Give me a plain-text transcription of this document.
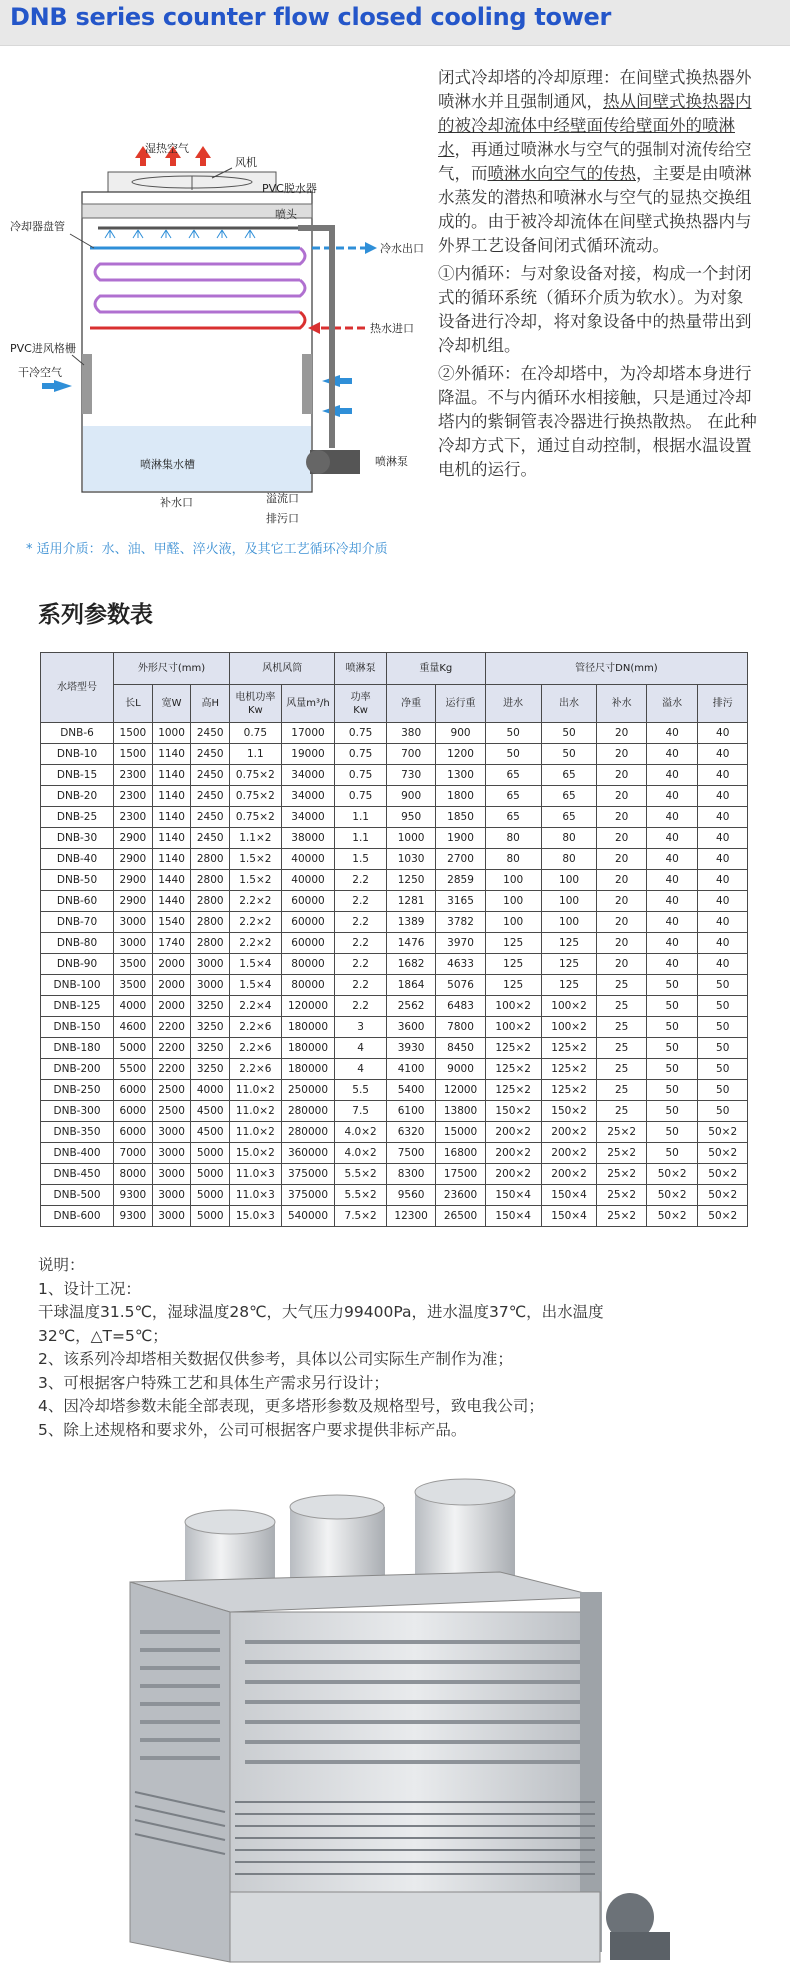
DNB series counter flow closed cooling tower
湿热空气
风机
PVC脱水器
喷头
冷水出口
热水进口
冷却器盘管
PVC进风格栅
干冷空气
喷淋集水槽	喷淋泵
补水口	溢流口
排污口
* 适用介质：水、油、甲醛、淬火液，及其它工艺循环冷却介质

闭式冷却塔的冷却原理：在间壁式换热器外喷淋水并且强制通风，热从间壁式换热器内的被冷却流体中经壁面传给壁面外的喷淋水，再通过喷淋水与空气的强制对流传给空气，而喷淋水向空气的传热，主要是由喷淋水蒸发的潜热和喷淋水与空气的显热交换组成的。由于被冷却流体在间壁式换热器内与外界工艺设备间闭式循环流动。

①内循环：与对象设备对接，构成一个封闭式的循环系统（循环介质为软水）。为对象设备进行冷却，将对象设备中的热量带出到冷却机组。

②外循环：在冷却塔中，为冷却塔本身进行降温。不与内循环水相接触，只是通过冷却塔内的紫铜管表冷器进行换热散热。 在此种冷却方式下，通过自动控制，根据水温设置电机的运行。

系列参数表
水塔型号	外形尺寸(mm)			风机风筒		喷淋泵	重量Kg		管径尺寸DN(mm)				
	长L	宽W	高H	电机功率
Kw	风量m³/h	功率
Kw	净重	运行重	进水	出水	补水	溢水	排污
DNB-6	1500	1000	2450	0.75	17000	0.75	380	900	50	50	20	40	40
DNB-10	1500	1140	2450	1.1	19000	0.75	700	1200	50	50	20	40	40
DNB-15	2300	1140	2450	0.75×2	34000	0.75	730	1300	65	65	20	40	40
DNB-20	2300	1140	2450	0.75×2	34000	0.75	900	1800	65	65	20	40	40
DNB-25	2300	1140	2450	0.75×2	34000	1.1	950	1850	65	65	20	40	40
DNB-30	2900	1140	2450	1.1×2	38000	1.1	1000	1900	80	80	20	40	40
DNB-40	2900	1140	2800	1.5×2	40000	1.5	1030	2700	80	80	20	40	40
DNB-50	2900	1440	2800	1.5×2	40000	2.2	1250	2859	100	100	20	40	40
DNB-60	2900	1440	2800	2.2×2	60000	2.2	1281	3165	100	100	20	40	40
DNB-70	3000	1540	2800	2.2×2	60000	2.2	1389	3782	100	100	20	40	40
DNB-80	3000	1740	2800	2.2×2	60000	2.2	1476	3970	125	125	20	40	40
DNB-90	3500	2000	3000	1.5×4	80000	2.2	1682	4633	125	125	20	40	40
DNB-100	3500	2000	3000	1.5×4	80000	2.2	1864	5076	125	125	25	50	50
DNB-125	4000	2000	3250	2.2×4	120000	2.2	2562	6483	100×2	100×2	25	50	50
DNB-150	4600	2200	3250	2.2×6	180000	3	3600	7800	100×2	100×2	25	50	50
DNB-180	5000	2200	3250	2.2×6	180000	4	3930	8450	125×2	125×2	25	50	50
DNB-200	5500	2200	3250	2.2×6	180000	4	4100	9000	125×2	125×2	25	50	50
DNB-250	6000	2500	4000	11.0×2	250000	5.5	5400	12000	125×2	125×2	25	50	50
DNB-300	6000	2500	4500	11.0×2	280000	7.5	6100	13800	150×2	150×2	25	50	50
DNB-350	6000	3000	4500	11.0×2	280000	4.0×2	6320	15000	200×2	200×2	25×2	50	50×2
DNB-400	7000	3000	5000	15.0×2	360000	4.0×2	7500	16800	200×2	200×2	25×2	50	50×2
DNB-450	8000	3000	5000	11.0×3	375000	5.5×2	8300	17500	200×2	200×2	25×2	50×2	50×2
DNB-500	9300	3000	5000	11.0×3	375000	5.5×2	9560	23600	150×4	150×4	25×2	50×2	50×2
DNB-600	9300	3000	5000	15.0×3	540000	7.5×2	12300	26500	150×4	150×4	25×2	50×2	50×2

说明：

1、设计工况：

干球温度31.5℃，湿球温度28℃，大气压力99400Pa，进水温度37℃，出水温度

32℃，△T=5℃；

2、该系列冷却塔相关数据仅供参考，具体以公司实际生产制作为准；

3、可根据客户特殊工艺和具体生产需求另行设计；

4、因冷却塔参数未能全部表现，更多塔形参数及规格型号，致电我公司；

5、除上述规格和要求外，公司可根据客户要求提供非标产品。
